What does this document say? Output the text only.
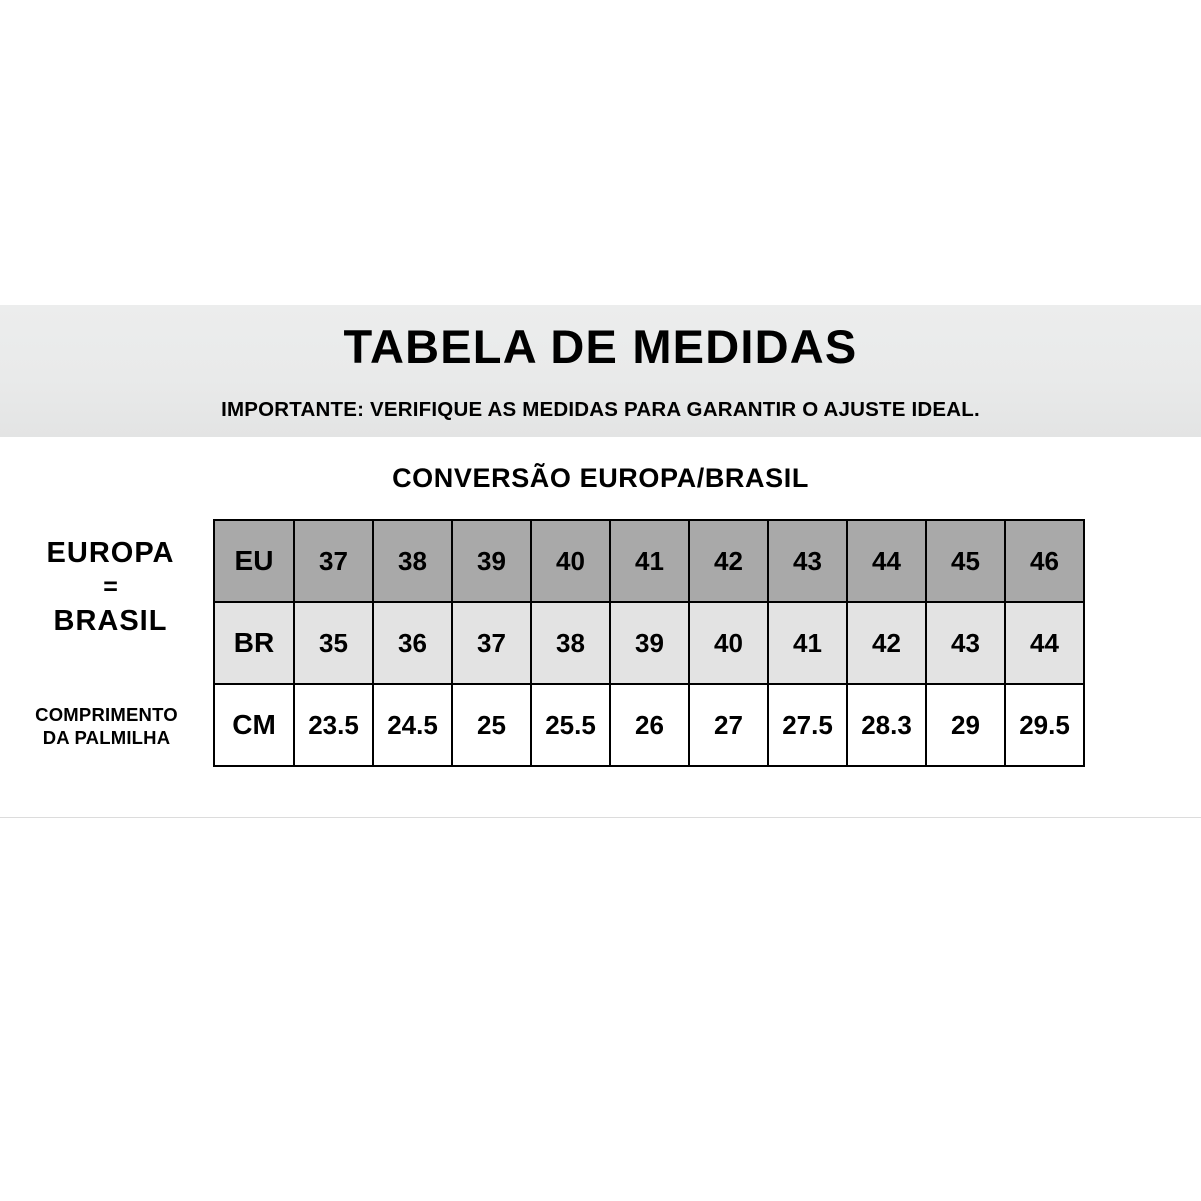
TABELA DE MEDIDAS
IMPORTANTE: VERIFIQUE AS MEDIDAS PARA GARANTIR O AJUSTE IDEAL.
CONVERSÃO EUROPA/BRASIL
EUROPA
=
BRASIL
COMPRIMENTO
DA PALMILHA
EU	37	38	39	40	41	42	43	44	45	46
BR	35	36	37	38	39	40	41	42	43	44
CM	23.5	24.5	25	25.5	26	27	27.5	28.3	29	29.5
